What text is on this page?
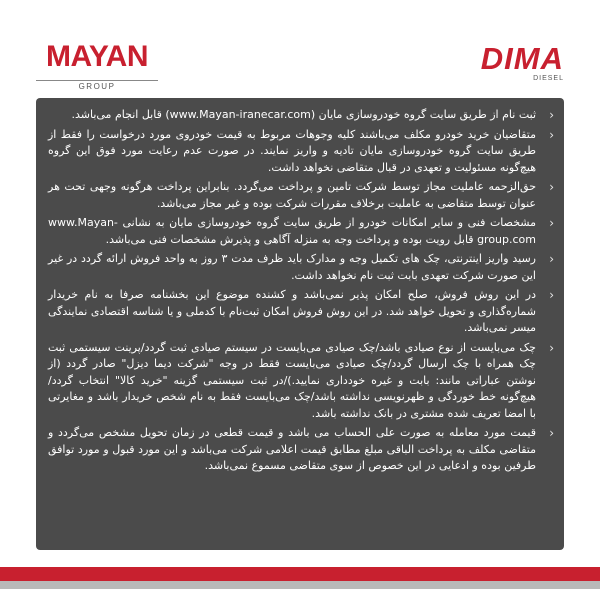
MAYAN
GROUP
DIMA
DIESEL
‹
ثبت نام از طریق سایت گروه خودروسازی مایان (www.Mayan-iranecar.com) قابل انجام می‌باشد.
‹
متقاضیان خرید خودرو مکلف می‌باشند کلیه وجوهات مربوط به قیمت خودروی مورد درخواست را فقط از طریق سایت گروه خودروسازی مایان تادیه و واریز نمایند. در صورت عدم رعایت مورد فوق این گروه هیچ‌گونه مسئولیت و تعهدی در قبال متقاضی نخواهد داشت.
‹
حق‌الزحمه عاملیت مجاز توسط شرکت تامین و پرداخت می‌گردد. بنابراین پرداخت هرگونه وجهی تحت هر عنوان توسط متقاضی به عاملیت برخلاف مقررات شرکت بوده و غیر مجاز می‌باشد.
‹
مشخصات فنی و سایر امکانات خودرو از طریق سایت گروه خودروسازی مایان به نشانی www.Mayan-group.com قابل رویت بوده و پرداخت وجه به منزله آگاهی و پذیرش مشخصات فنی می‌باشد.
‹
رسید واریز اینترنتی، چک های تکمیل وجه و مدارک باید ظرف مدت ۳ روز به واحد فروش ارائه گردد در غیر این صورت شرکت تعهدی بابت ثبت نام نخواهد داشت.
‹
در این روش فروش، صلح امکان پذیر نمی‌باشد و کشنده موضوع این بخشنامه صرفا به نام خریدار شماره‌گذاری و تحویل خواهد شد. در این روش فروش امکان ثبت‌نام با کدملی و یا شناسه اقتصادی نمایندگی میسر نمی‌باشد.
‹
چک می‌بایست از نوع صیادی باشد/چک صیادی می‌بایست در سیستم صیادی ثبت گردد/پرینت سیستمی ثبت چک همراه با چک ارسال گردد/چک صیادی می‌بایست فقط در وجه "شرکت دیما دیزل" صادر گردد (از نوشتن عباراتی مانند: بابت و غیره خودداری نمایید.)/در ثبت سیستمی گزینه "خرید کالا" انتخاب گردد/هیچ‌گونه خط خوردگی و ظهرنویسی نداشته باشد/چک می‌بایست فقط به نام شخص خریدار باشد و مغایرتی با امضا تعریف شده مشتری در بانک نداشته باشد.
‹
قیمت مورد معامله به صورت علی الحساب می باشد و قیمت قطعی در زمان تحویل مشخص می‌گردد و متقاضی مکلف به پرداخت الباقی مبلغ مطابق قیمت اعلامی شرکت می‌باشد و این مورد قبول و مورد توافق طرفین بوده و ادعایی در این خصوص از سوی متقاضی مسموع نمی‌باشد.
